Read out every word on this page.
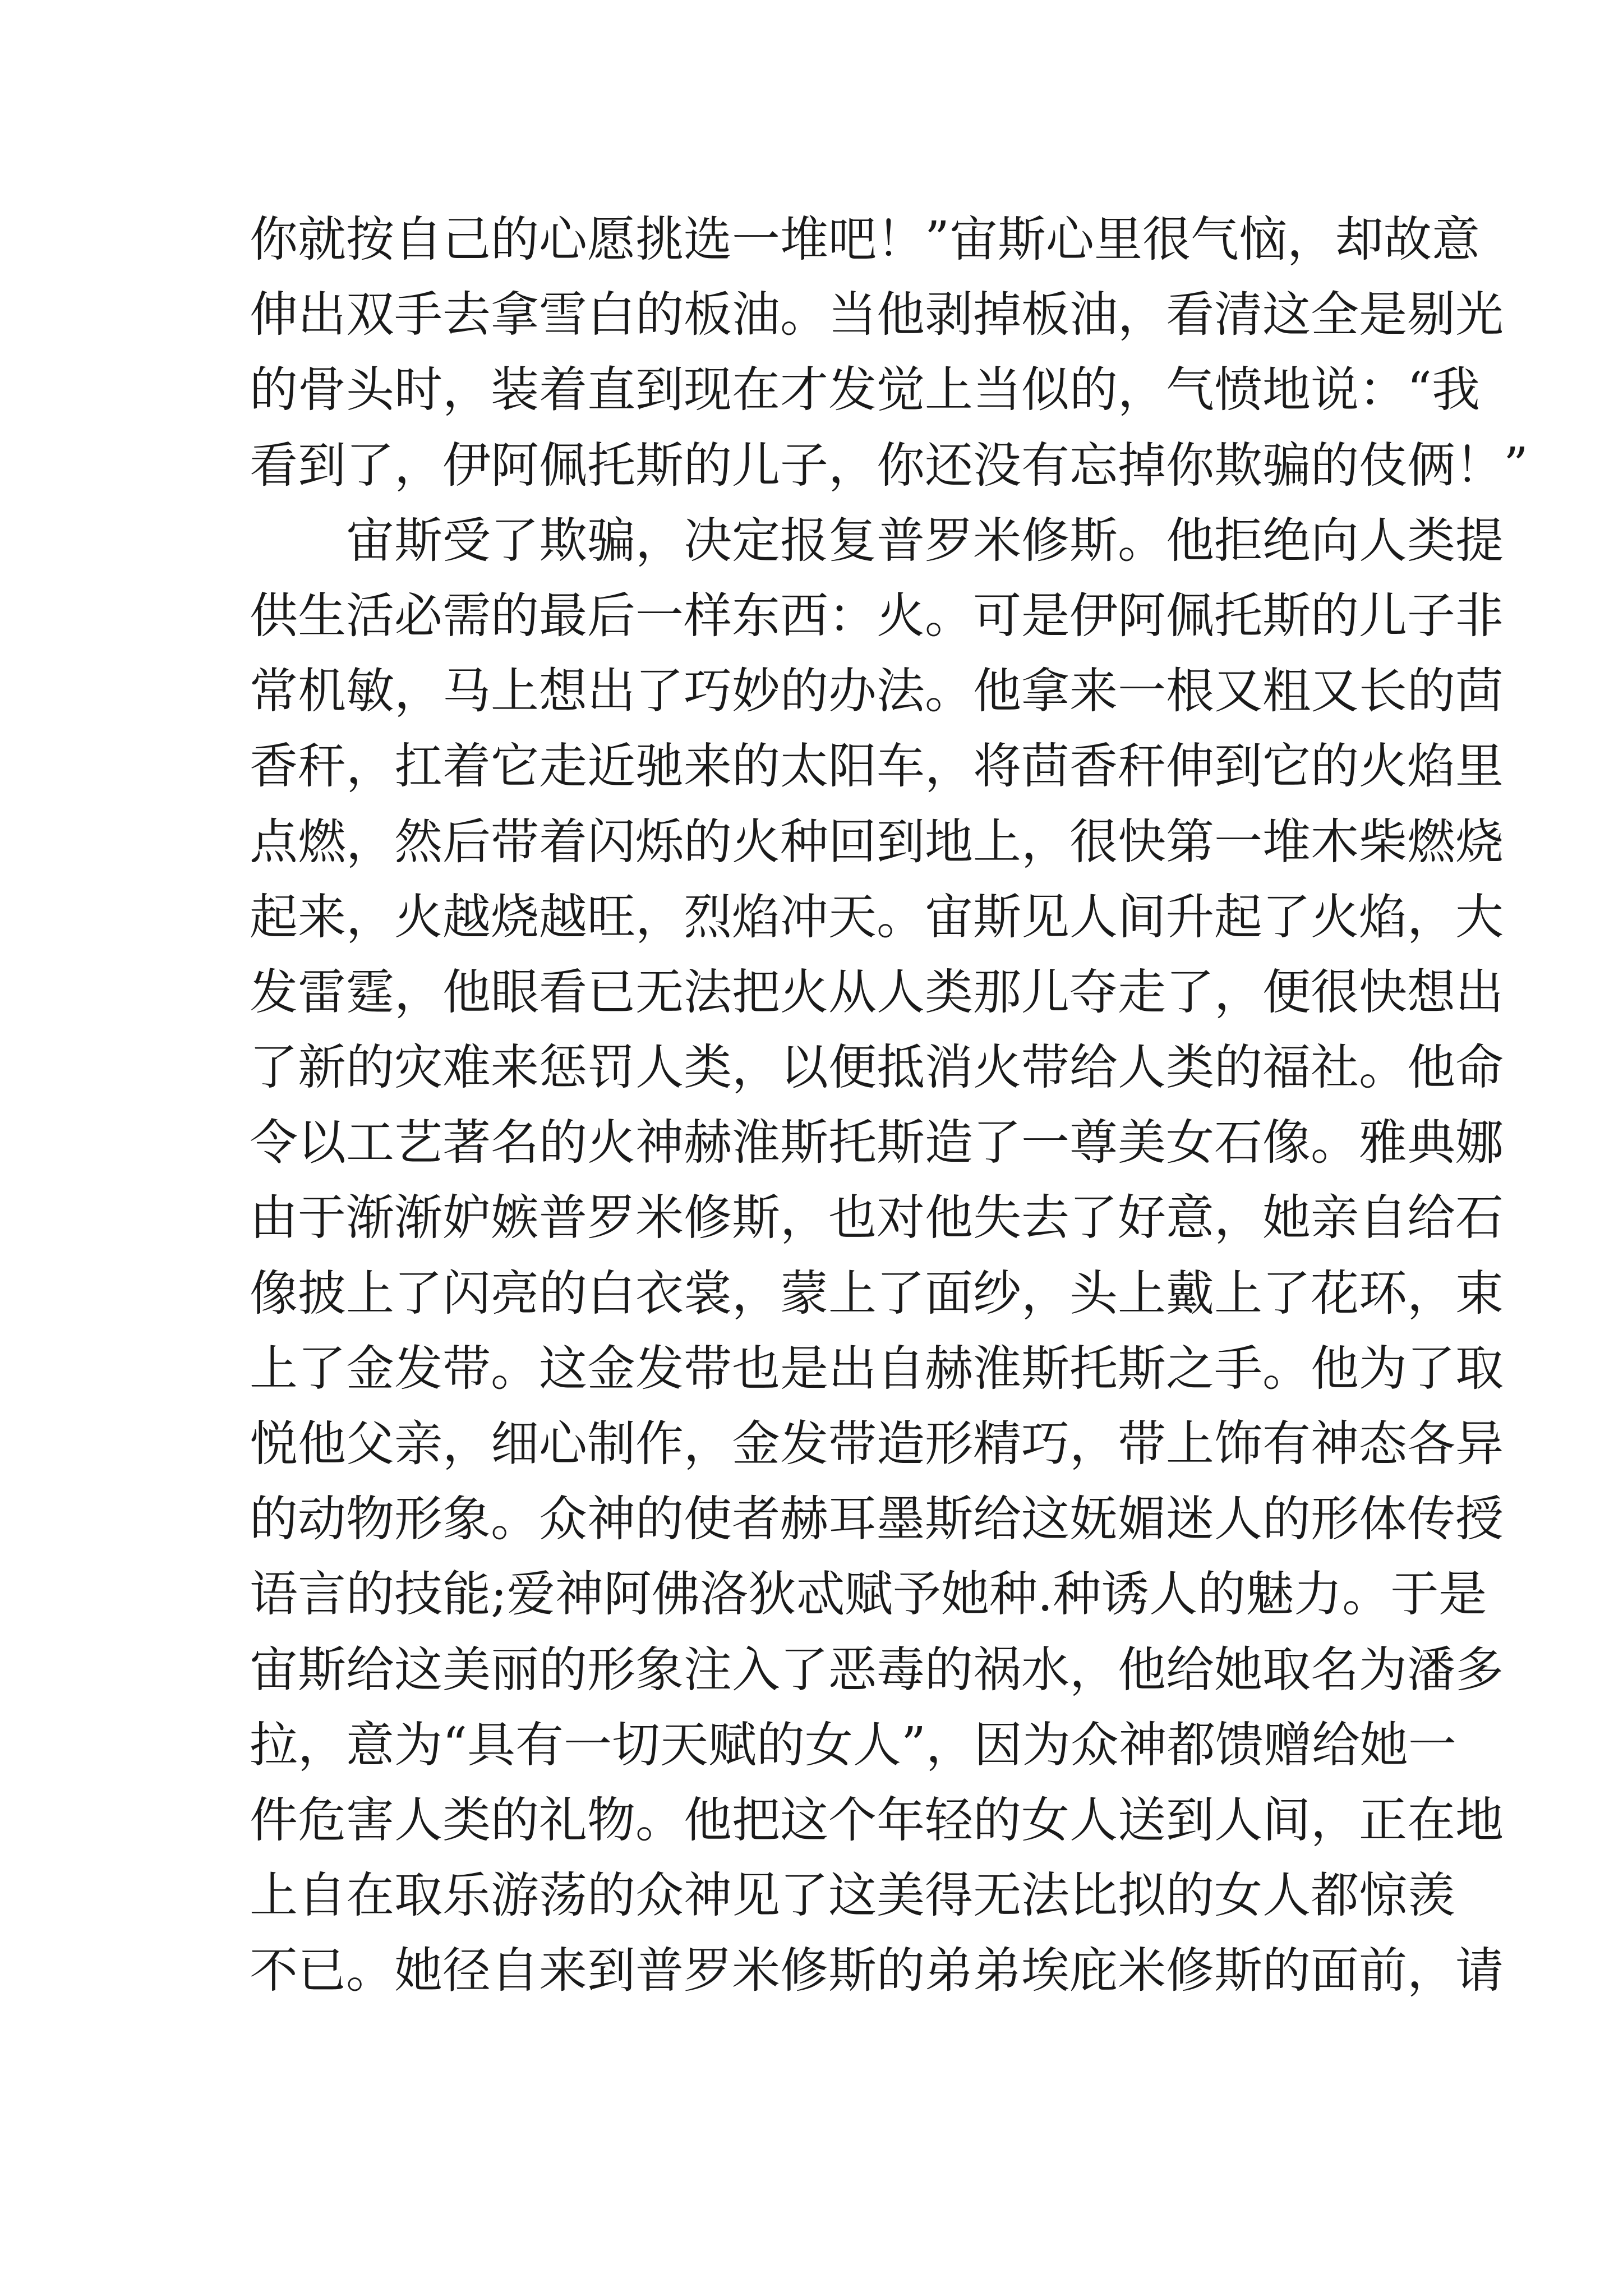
你就按自己的心愿挑选一堆吧！”宙斯心里很气恼，却故意
伸出双手去拿雪白的板油。当他剥掉板油，看清这全是剔光
的骨头时，装着直到现在才发觉上当似的，气愤地说：“我
看到了，伊阿佩托斯的儿子，你还没有忘掉你欺骗的伎俩！”
宙斯受了欺骗，决定报复普罗米修斯。他拒绝向人类提
供生活必需的最后一样东西：火。可是伊阿佩托斯的儿子非
常机敏，马上想出了巧妙的办法。他拿来一根又粗又长的茴
香秆，扛着它走近驰来的太阳车，将茴香秆伸到它的火焰里
点燃，然后带着闪烁的火种回到地上，很快第一堆木柴燃烧
起来，火越烧越旺，烈焰冲天。宙斯见人间升起了火焰，大
发雷霆，他眼看已无法把火从人类那儿夺走了，便很快想出
了新的灾难来惩罚人类，以便抵消火带给人类的福社。他命
令以工艺著名的火神赫淮斯托斯造了一尊美女石像。雅典娜
由于渐渐妒嫉普罗米修斯，也对他失去了好意，她亲自给石
像披上了闪亮的白衣裳，蒙上了面纱，头上戴上了花环，束
上了金发带。这金发带也是出自赫淮斯托斯之手。他为了取
悦他父亲，细心制作，金发带造形精巧，带上饰有神态各异
的动物形象。众神的使者赫耳墨斯给这妩媚迷人的形体传授
语言的技能;爱神阿佛洛狄忒赋予她种.种诱人的魅力。于是
宙斯给这美丽的形象注入了恶毒的祸水，他给她取名为潘多
拉，意为“具有一切天赋的女人”，因为众神都馈赠给她一
件危害人类的礼物。他把这个年轻的女人送到人间，正在地
上自在取乐游荡的众神见了这美得无法比拟的女人都惊羡
不已。她径自来到普罗米修斯的弟弟埃庇米修斯的面前，请
